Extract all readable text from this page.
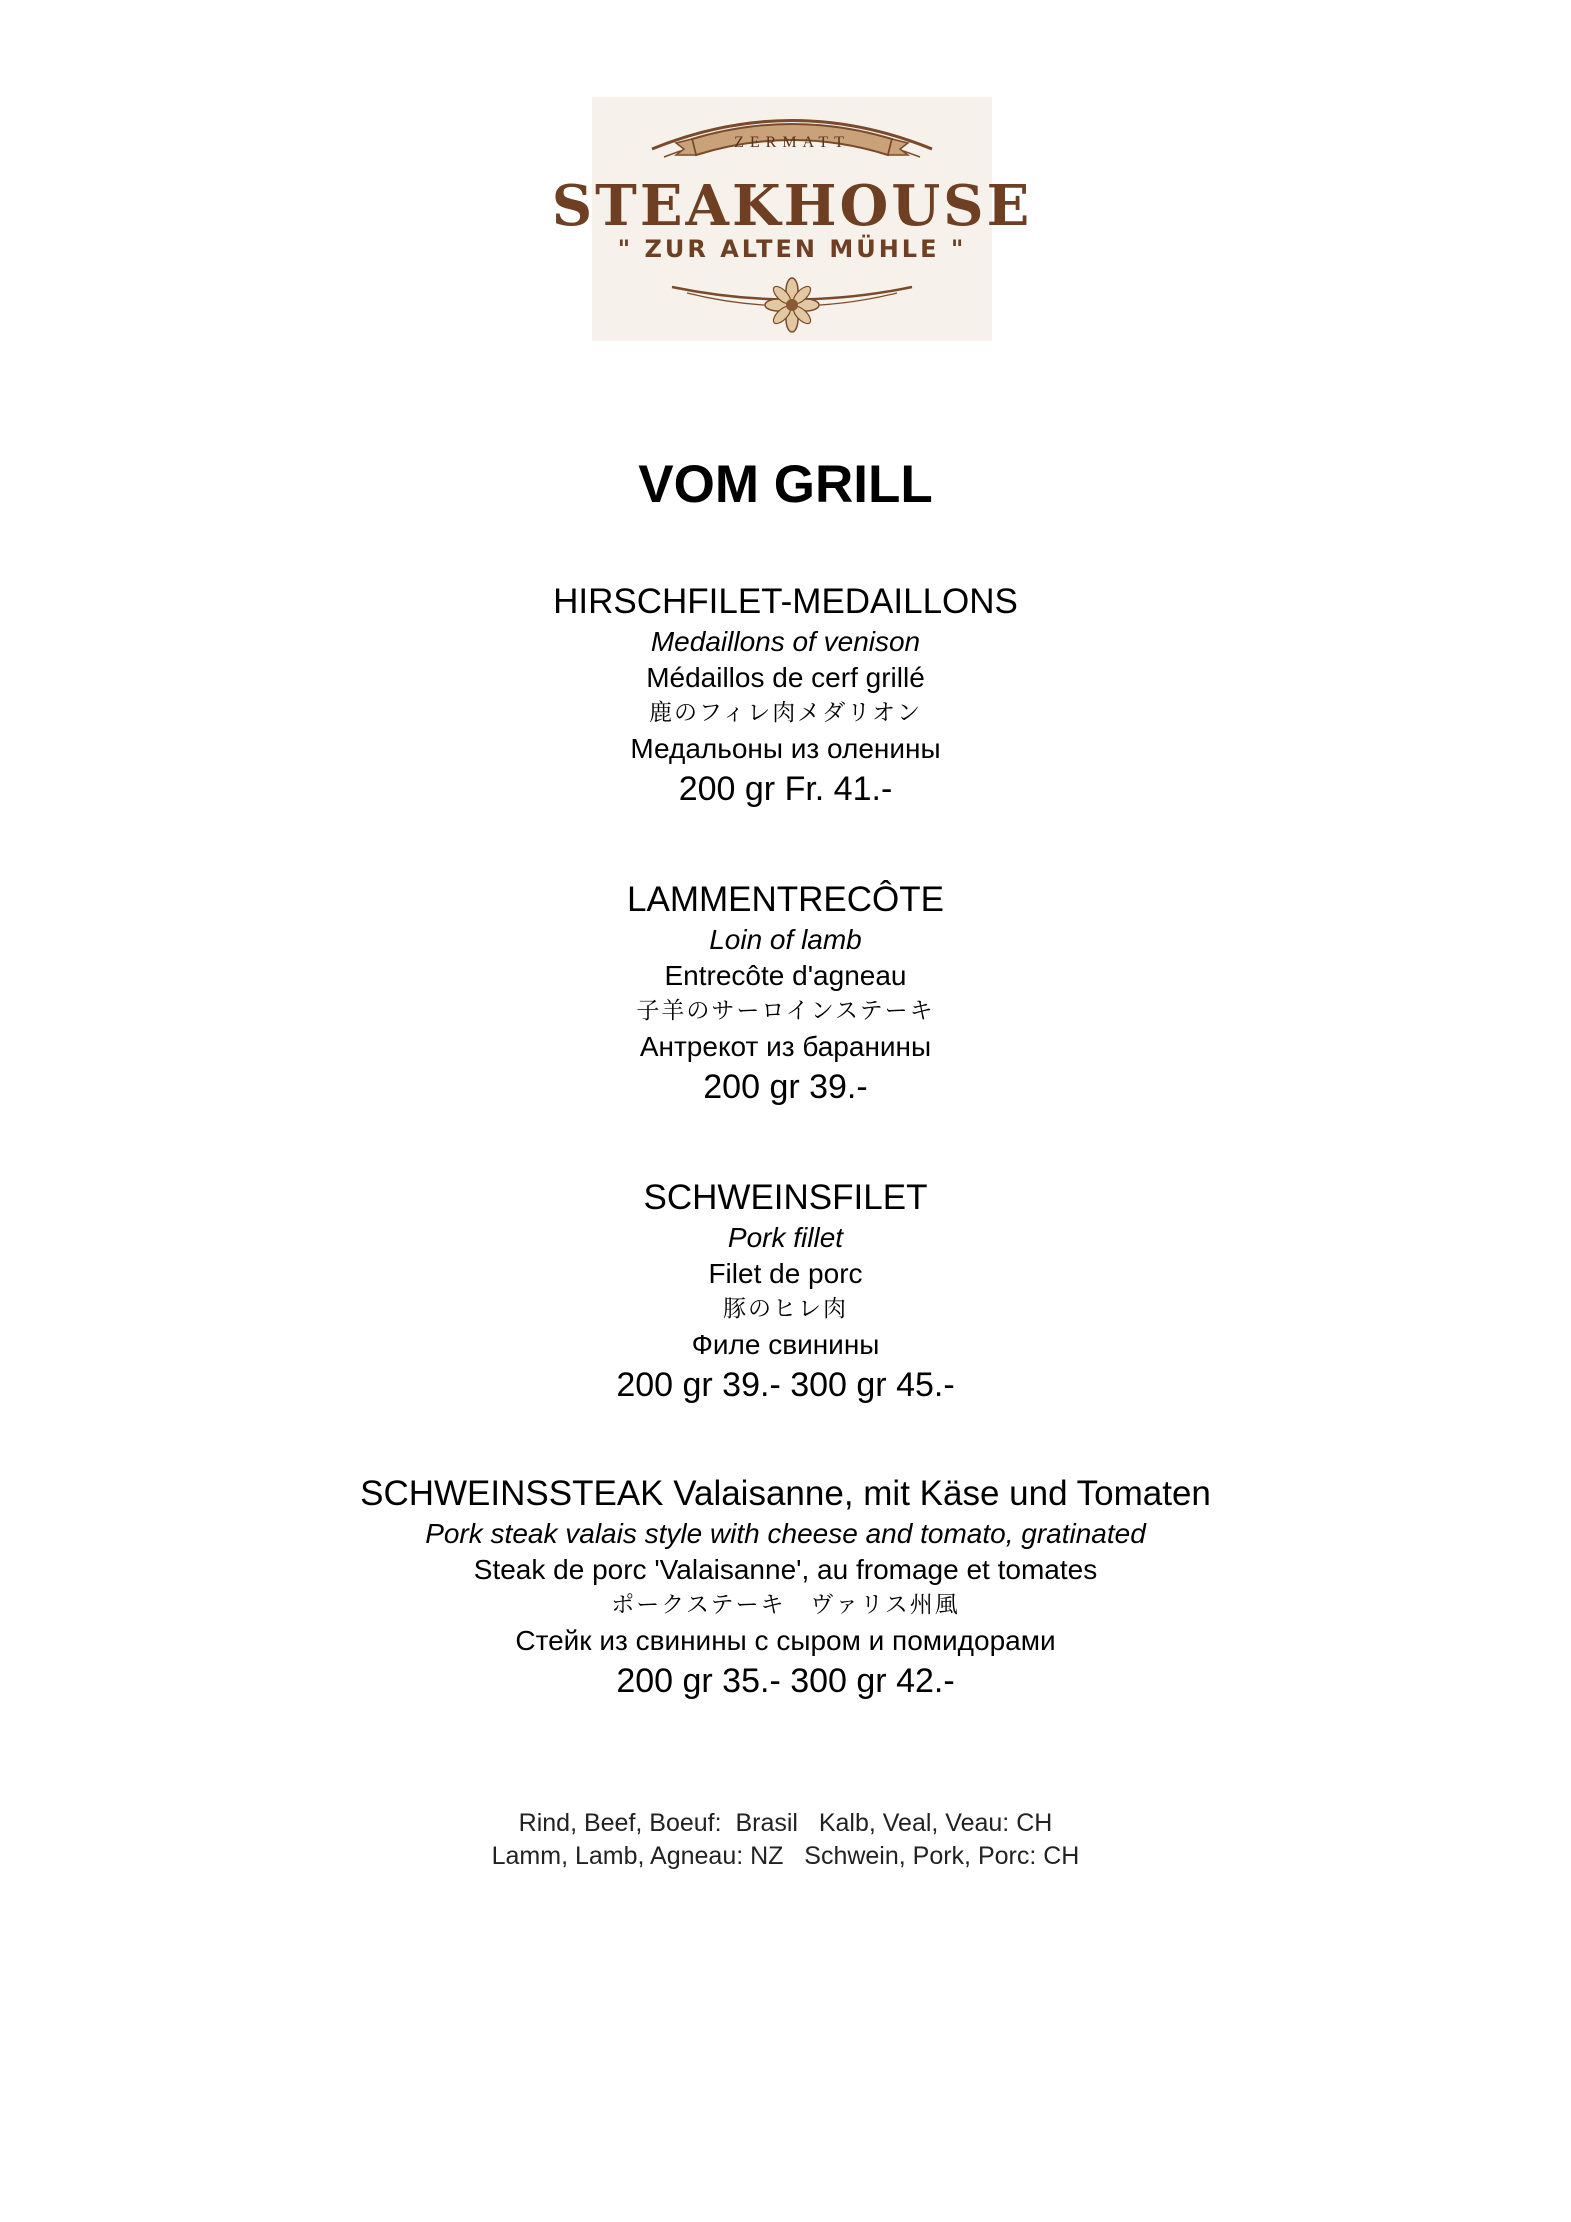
ZERMATT
STEAKHOUSE
" ZUR ALTEN MÜHLE "
VOM GRILL
HIRSCHFILET-MEDAILLONS
Medaillons of venison
Médaillos de cerf grillé
鹿のフィレ肉メダリオン
Медальоны из оленины
200 gr Fr. 41.-
LAMMENTRECÔTE
Loin of lamb
Entrecôte d'agneau
子羊のサーロインステーキ
Антрекот из баранины
200 gr 39.-
SCHWEINSFILET
Pork fillet
Filet de porc
豚のヒレ肉
Филе свинины
200 gr 39.- 300 gr 45.-
SCHWEINSSTEAK Valaisanne, mit Käse und Tomaten
Pork steak valais style with cheese and tomato, gratinated
Steak de porc 'Valaisanne', au fromage et tomates
ポークステーキ　ヴァリス州風
Стейк из свинины с сыром и помидорами
200 gr 35.- 300 gr 42.-
Rind, Beef, Boeuf:  Brasil   Kalb, Veal, Veau: CH
Lamm, Lamb, Agneau: NZ   Schwein, Pork, Porc: CH
